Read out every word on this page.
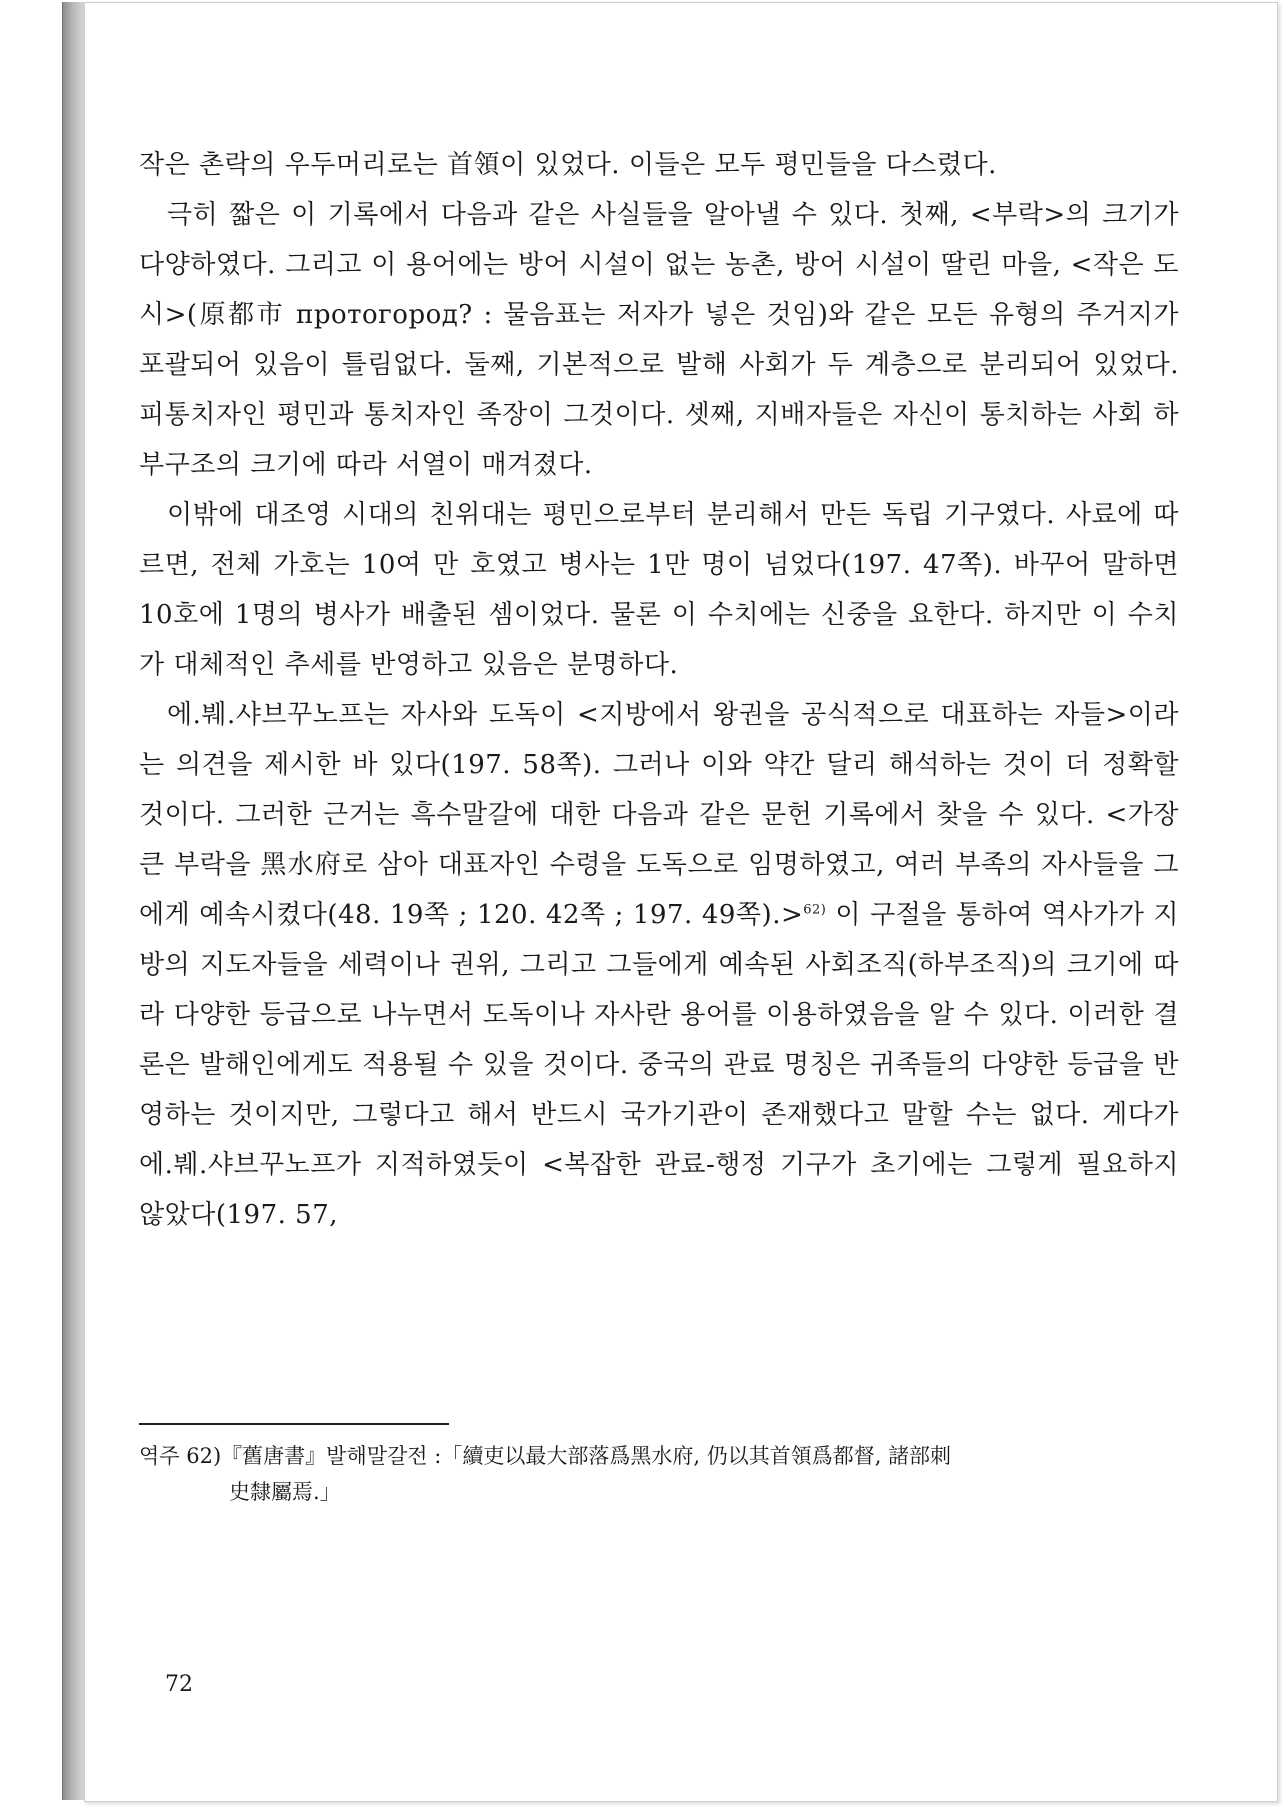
작은 촌락의 우두머리로는 首領이 있었다. 이들은 모두 평민들을 다스렸다.

극히 짧은 이 기록에서 다음과 같은 사실들을 알아낼 수 있다. 첫째, <부락>의 크기가 다양하였다. 그리고 이 용어에는 방어 시설이 없는 농촌, 방어 시설이 딸린 마을, <작은 도시>(原都市 протогород? : 물음표는 저자가 넣은 것임)와 같은 모든 유형의 주거지가 포괄되어 있음이 틀림없다. 둘째, 기본적으로 발해 사회가 두 계층으로 분리되어 있었다. 피통치자인 평민과 통치자인 족장이 그것이다. 셋째, 지배자들은 자신이 통치하는 사회 하부구조의 크기에 따라 서열이 매겨졌다.

이밖에 대조영 시대의 친위대는 평민으로부터 분리해서 만든 독립 기구였다. 사료에 따르면, 전체 가호는 10여 만 호였고 병사는 1만 명이 넘었다(197. 47쪽). 바꾸어 말하면 10호에 1명의 병사가 배출된 셈이었다. 물론 이 수치에는 신중을 요한다. 하지만 이 수치가 대체적인 추세를 반영하고 있음은 분명하다.

에.붸.샤브꾸노프는 자사와 도독이 <지방에서 왕권을 공식적으로 대표하는 자들>이라는 의견을 제시한 바 있다(197. 58쪽). 그러나 이와 약간 달리 해석하는 것이 더 정확할 것이다. 그러한 근거는 흑수말갈에 대한 다음과 같은 문헌 기록에서 찾을 수 있다. <가장 큰 부락을 黑水府로 삼아 대표자인 수령을 도독으로 임명하였고, 여러 부족의 자사들을 그에게 예속시켰다(48. 19쪽 ; 120. 42쪽 ; 197. 49쪽).>$^{62)}$ 이 구절을 통하여 역사가가 지방의 지도자들을 세력이나 권위, 그리고 그들에게 예속된 사회조직(하부조직)의 크기에 따라 다양한 등급으로 나누면서 도독이나 자사란 용어를 이용하였음을 알 수 있다. 이러한 결론은 발해인에게도 적용될 수 있을 것이다. 중국의 관료 명칭은 귀족들의 다양한 등급을 반영하는 것이지만, 그렇다고 해서 반드시 국가기관이 존재했다고 말할 수는 없다. 게다가 에.붸.샤브꾸노프가 지적하였듯이 <복잡한 관료-행정 기구가 초기에는 그렇게 필요하지 않았다(197. 57,

역주 62)『舊唐書』발해말갈전 :「續吏以最大部落爲黑水府, 仍以其首領爲都督, 諸部刺
史隸屬焉.」
72
